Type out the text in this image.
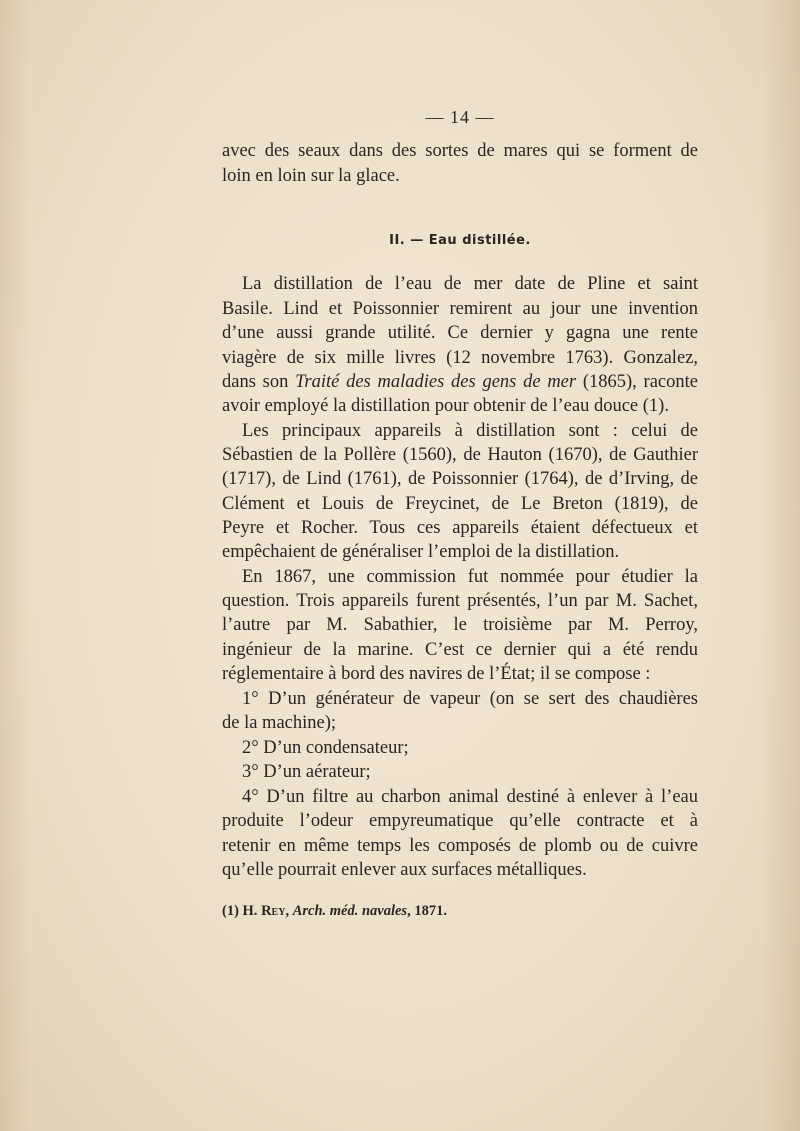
— 14 —
avec des seaux dans des sortes de mares qui se forment de
loin en loin sur la glace.
II. — Eau distillée.
La distillation de l’eau de mer date de Pline et saint
Basile. Lind et Poissonnier remirent au jour une invention
d’une aussi grande utilité. Ce dernier y gagna une rente
viagère de six mille livres (12 novembre 1763). Gonzalez,
dans son Traité des maladies des gens de mer (1865), raconte
avoir employé la distillation pour obtenir de l’eau douce (1).
Les principaux appareils à distillation sont : celui de
Sébastien de la Pollère (1560), de Hauton (1670), de Gauthier
(1717), de Lind (1761), de Poissonnier (1764), de d’Irving, de
Clément et Louis de Freycinet, de Le Breton (1819), de
Peyre et Rocher. Tous ces appareils étaient défectueux et
empêchaient de généraliser l’emploi de la distillation.
En 1867, une commission fut nommée pour étudier la
question. Trois appareils furent présentés, l’un par M. Sachet,
l’autre par M. Sabathier, le troisième par M. Perroy,
ingénieur de la marine. C’est ce dernier qui a été rendu
réglementaire à bord des navires de l’État; il se compose :
1° D’un générateur de vapeur (on se sert des chaudières
de la machine);
2° D’un condensateur;
3° D’un aérateur;
4° D’un filtre au charbon animal destiné à enlever à l’eau
produite l’odeur empyreumatique qu’elle contracte et à
retenir en même temps les composés de plomb ou de cuivre
qu’elle pourrait enlever aux surfaces métalliques.
(1) H. Rey, Arch. méd. navales, 1871.
